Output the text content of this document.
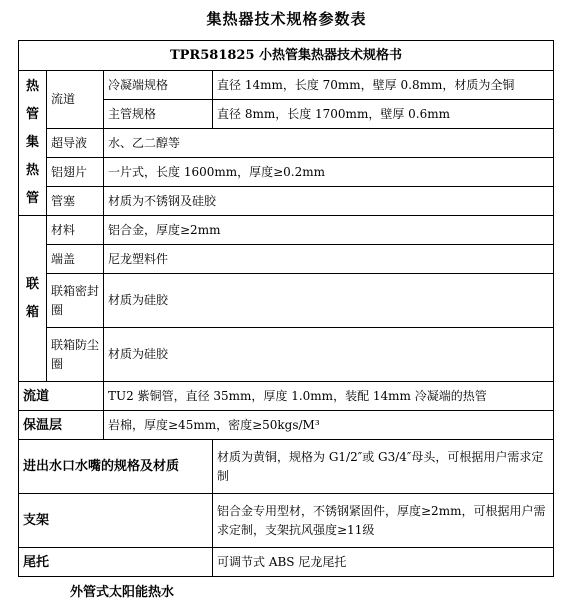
集热器技术规格参数表
TPR581825 小热管集热器技术规格书			

热
管
集
热
管	流道	冷凝端规格	直径 14mm，长度 70mm，壁厚 0.8mm，材质为全铜
		主管规格	直径 8mm，长度 1700mm，壁厚 0.6mm
	超导液	水、乙二醇等	
	铝翅片	一片式，长度 1600mm，厚度≥0.2mm	
	管塞	材质为不锈钢及硅胶	

联
箱	材料	铝合金，厚度≥2mm	
	端盖	尼龙塑料件	
	联箱密封圈	材质为硅胶	
	联箱防尘圈	材质为硅胶	
流道		TU2 紫铜管，直径 35mm，厚度 1.0mm，装配 14mm 冷凝端的热管	
保温层		岩棉，厚度≥45mm，密度≥50kgs/M³	
进出水口水嘴的规格及材质			材质为黄铜，规格为 G1/2″或 G3/4″母头，可根据用户需求定制
支架			铝合金专用型材，不锈钢紧固件，厚度≥2mm，可根据用户需求定制，支架抗风强度≥11级
尾托			可调节式 ABS 尼龙尾托
外管式太阳能热水
